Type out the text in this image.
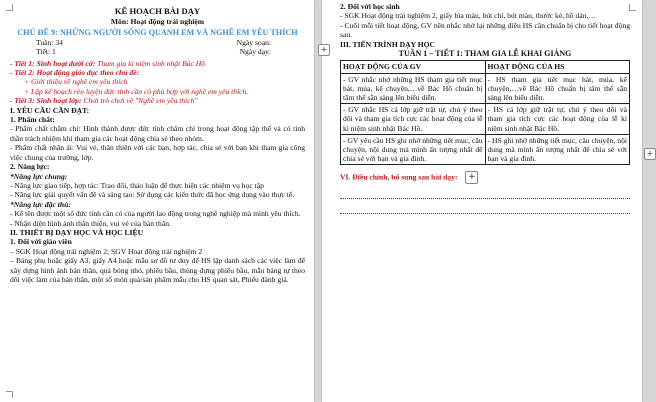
KẾ HOẠCH BÀI DẠY

Môn: Hoạt động trải nghiệm

CHỦ ĐỀ 9: NHỮNG NGƯỜI SỐNG QUANH EM VÀ NGHỀ EM YÊU THÍCH

Tuần: 34	Ngày soạn:
Tiết: 1	Ngày dạy:

- Tiết 1: Sinh hoạt dưới cờ: Tham gia kỉ niệm sinh nhật Bác Hồ

- Tiết 2: Hoạt động giáo dục theo chủ đề:

+ Giới thiệu về nghề em yêu thích

+ Lập kế hoạch rèn luyện đức tính cần có phù hợp với nghề em yêu thích.

- Tiết 3: Sinh hoạt lớp: Chơi trò chơi về "Nghề em yêu thích"

I. YÊU CẦU CẦN ĐẠT:

1. Phẩm chất:

- Phẩm chất chăm chỉ: Hình thành được đức tính chăm chỉ trong hoạt động tập thể và có tinh thần trách nhiệm khi tham gia các hoạt động chia sẻ theo nhóm.

- Phẩm chất nhân ái: Vui vẻ, thân thiện với các bạn, hợp tác, chia sẻ với bạn khi tham gia công việc chung của trường, lớp.

2. Năng lực:

*Năng lực chung:

- Năng lực giao tiếp, hợp tác: Trao đổi, thảo luận để thực hiện các nhiệm vụ học tập

- Năng lực giải quyết vấn đề và sáng tạo: Sử dụng các kiến thức đã học ứng dụng vào thực tế.

*Năng lực đặc thù:

- Kể tên được một số đức tính cần có của người lao động trong nghề nghiệp mà mình yêu thích.

- Nhận diện hình ảnh thân thiện, vui vẻ của bản thân.

II. THIẾT BỊ DẠY HỌC VÀ HỌC LIỆU

1. Đối với giáo viên

– SGK Hoạt động trải nghiệm 2; SGV Hoạt động trải nghiệm 2

– Bảng phụ hoặc giấy A3, giấy A4 hoặc mẫu sơ đồ tư duy để HS lập danh sách các việc làm để xây dựng hình ảnh bản thân, quả bóng nhỏ, phiếu bầu, thùng đựng phiếu bầu, mẫu bảng tự theo dõi việc làm của bản thân, một số món quà/sản phẩm mẫu cho HS quan sát, Phiếu đánh giá.

+

2. Đối với học sinh

- SGK Hoạt động trải nghiệm 2, giấy bìa màu, bút chì, bút màu, thước kẻ, hồ dán,…

- Cuối mỗi tiết hoạt động, GV nên nhắc nhở lại những điều HS cần chuẩn bị cho tiết hoạt động sau.

III. TIẾN TRÌNH DẠY HỌC

TUẦN 1 – TIẾT 1: THAM GIA LỄ KHAI GIẢNG

HOẠT ĐỘNG CỦA GV	HOẠT ĐỘNG CỦA HS
- GV nhắc nhở những HS tham gia tiết mục hát, múa, kể chuyện,…về Bác Hồ chuẩn bị tâm thế sẵn sàng lên biểu diễn.	- HS tham gia tiết mục hát, múa, kể chuyện,…về Bác Hồ chuẩn bị tâm thế sẵn sàng lên biểu diễn.
- GV nhắc HS cả lớp giữ trật tự, chú ý theo dõi và tham gia tích cực các hoạt động của lễ kỉ niệm sinh nhật Bác Hồ.	- HS cả lớp giữ trật tự, chú ý theo dõi và tham gia tích cực các hoạt động của lễ kỉ niệm sinh nhật Bác Hồ.
- GV yêu cầu HS ghi nhớ những tiết mục, câu chuyện, nội dung mà mình ấn tượng nhất để chia sẻ với bạn và gia đình.	- HS ghi nhớ những tiết mục, câu chuyện, nội dung mà mình ấn tượng nhất để chia sẻ với bạn và gia đình.

VI. Điều chỉnh, bổ sung sau bài dạy: +

+
